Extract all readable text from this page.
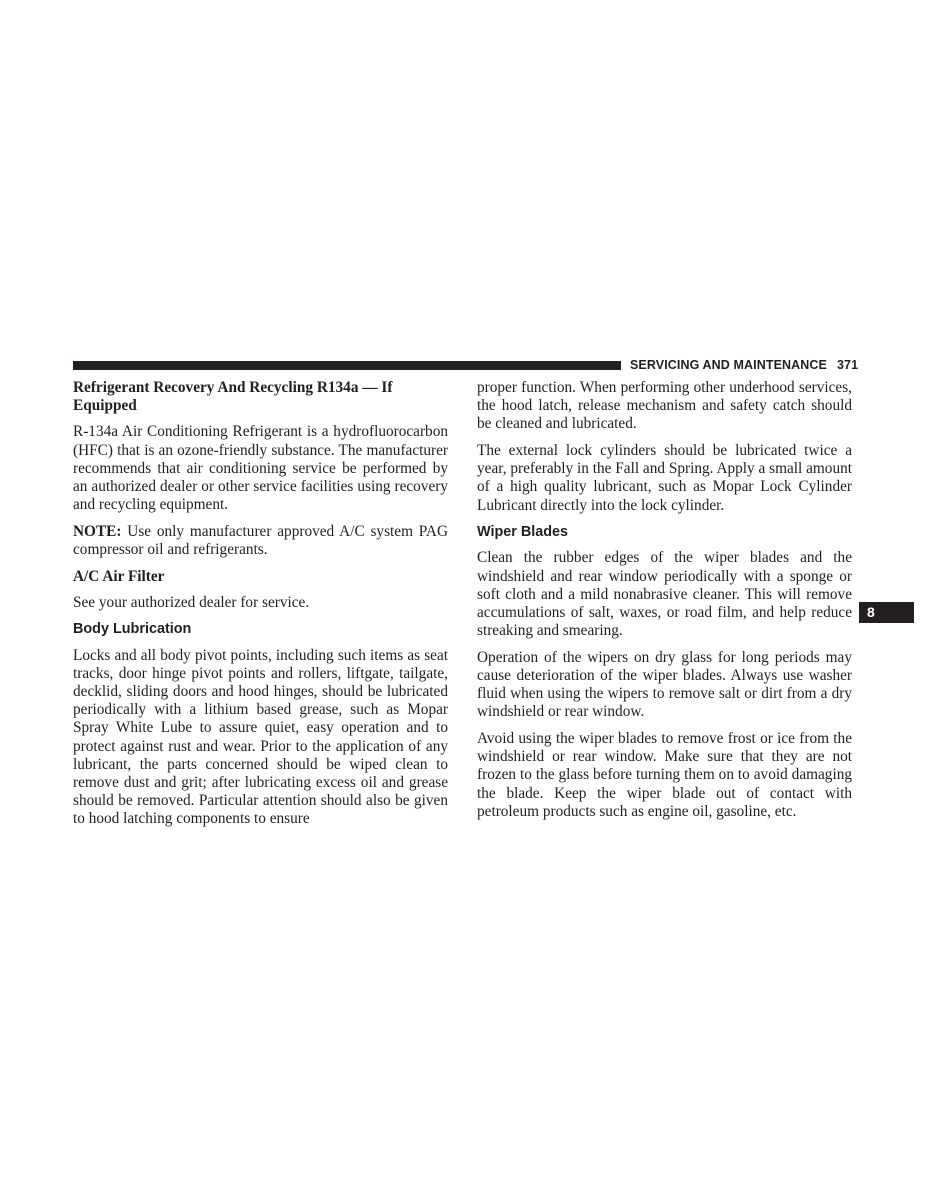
SERVICING AND MAINTENANCE 371
8
Refrigerant Recovery And Recycling R134a — If Equipped

R-134a Air Conditioning Refrigerant is a hydrofluorocarbon (HFC) that is an ozone-friendly substance. The manufacturer recommends that air conditioning service be performed by an authorized dealer or other service facilities using recovery and recycling equipment.

NOTE: Use only manufacturer approved A/C system PAG compressor oil and refrigerants.

A/C Air Filter

See your authorized dealer for service.

Body Lubrication

Locks and all body pivot points, including such items as seat tracks, door hinge pivot points and rollers, liftgate, tailgate, decklid, sliding doors and hood hinges, should be lubricated periodically with a lithium based grease, such as Mopar Spray White Lube to assure quiet, easy operation and to protect against rust and wear. Prior to the application of any lubricant, the parts concerned should be wiped clean to remove dust and grit; after lubricating excess oil and grease should be removed. Particular attention should also be given to hood latching components to ensure

proper function. When performing other underhood services, the hood latch, release mechanism and safety catch should be cleaned and lubricated.

The external lock cylinders should be lubricated twice a year, preferably in the Fall and Spring. Apply a small amount of a high quality lubricant, such as Mopar Lock Cylinder Lubricant directly into the lock cylinder.

Wiper Blades

Clean the rubber edges of the wiper blades and the windshield and rear window periodically with a sponge or soft cloth and a mild nonabrasive cleaner. This will remove accumulations of salt, waxes, or road film, and help reduce streaking and smearing.

Operation of the wipers on dry glass for long periods may cause deterioration of the wiper blades. Always use washer fluid when using the wipers to remove salt or dirt from a dry windshield or rear window.

Avoid using the wiper blades to remove frost or ice from the windshield or rear window. Make sure that they are not frozen to the glass before turning them on to avoid damaging the blade. Keep the wiper blade out of contact with petroleum products such as engine oil, gasoline, etc.
